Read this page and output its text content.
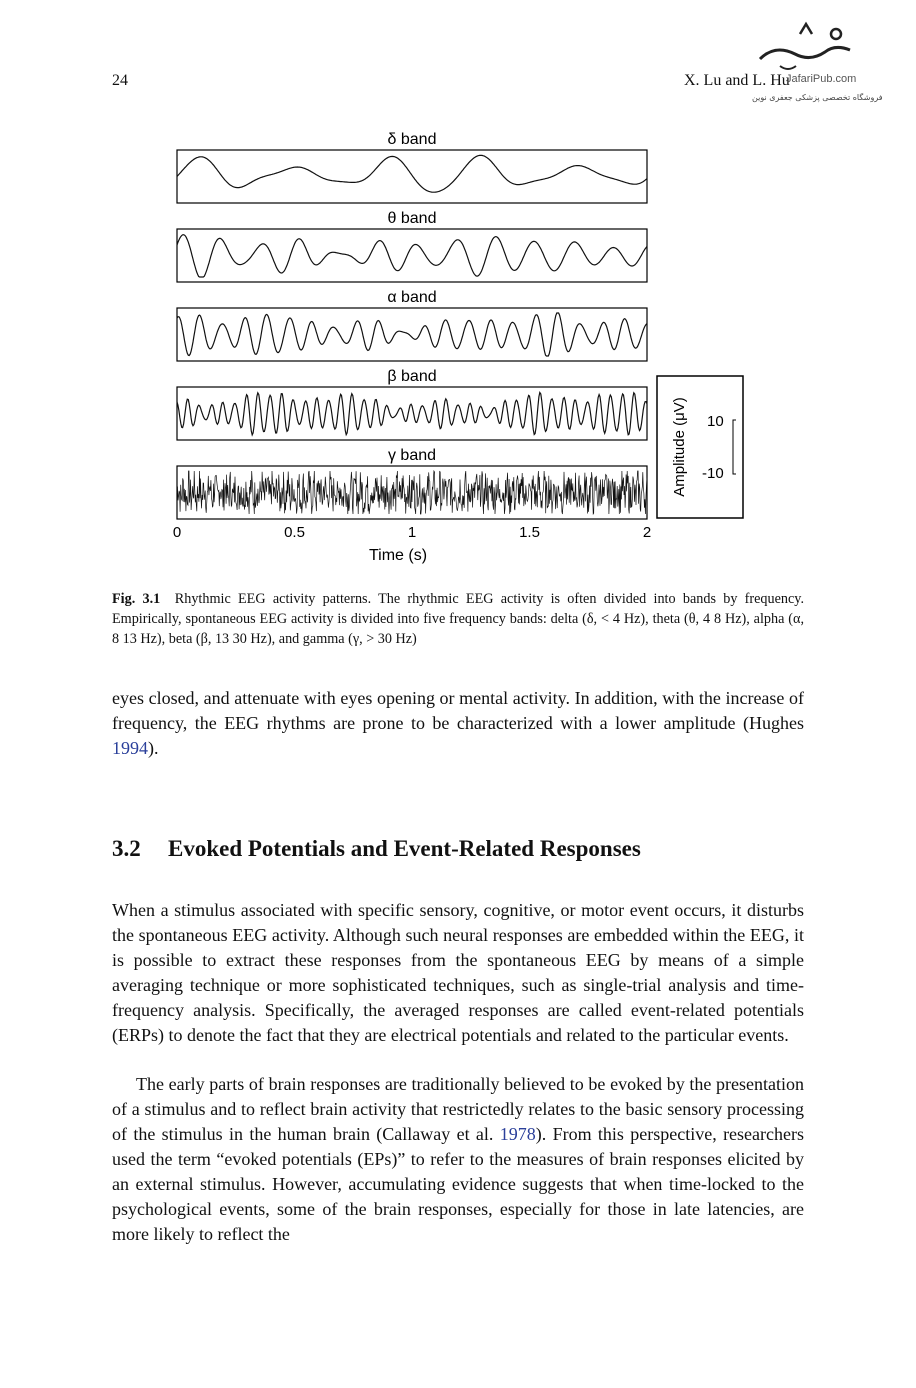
24	X. Lu and L. Hu
JafariPub.com
فروشگاه تخصصی پزشکی جعفری نوین
δ band
θ band
α band
β band
γ band
0	0.5	1	1.5	2
Time (s)
Amplitude (μV) 10
-10
Fig. 3.1 Rhythmic EEG activity patterns. The rhythmic EEG activity is often divided into bands by frequency. Empirically, spontaneous EEG activity is divided into five frequency bands: delta (δ, < 4 Hz), theta (θ, 4 8 Hz), alpha (α, 8 13 Hz), beta (β, 13 30 Hz), and gamma (γ, > 30 Hz)
eyes closed, and attenuate with eyes opening or mental activity. In addition, with the increase of frequency, the EEG rhythms are prone to be characterized with a lower amplitude (Hughes 1994).
3.2 Evoked Potentials and Event-Related Responses
When a stimulus associated with specific sensory, cognitive, or motor event occurs, it disturbs the spontaneous EEG activity. Although such neural responses are embedded within the EEG, it is possible to extract these responses from the spontaneous EEG by means of a simple averaging technique or more sophisticated techniques, such as single-trial analysis and time-frequency analysis. Specifically, the averaged responses are called event-related potentials (ERPs) to denote the fact that they are electrical potentials and related to the particular events.
The early parts of brain responses are traditionally believed to be evoked by the presentation of a stimulus and to reflect brain activity that restrictedly relates to the basic sensory processing of the stimulus in the human brain (Callaway et al. 1978). From this perspective, researchers used the term “evoked potentials (EPs)” to refer to the measures of brain responses elicited by an external stimulus. However, accumulating evidence suggests that when time-locked to the psychological events, some of the brain responses, especially for those in late latencies, are more likely to reflect the
